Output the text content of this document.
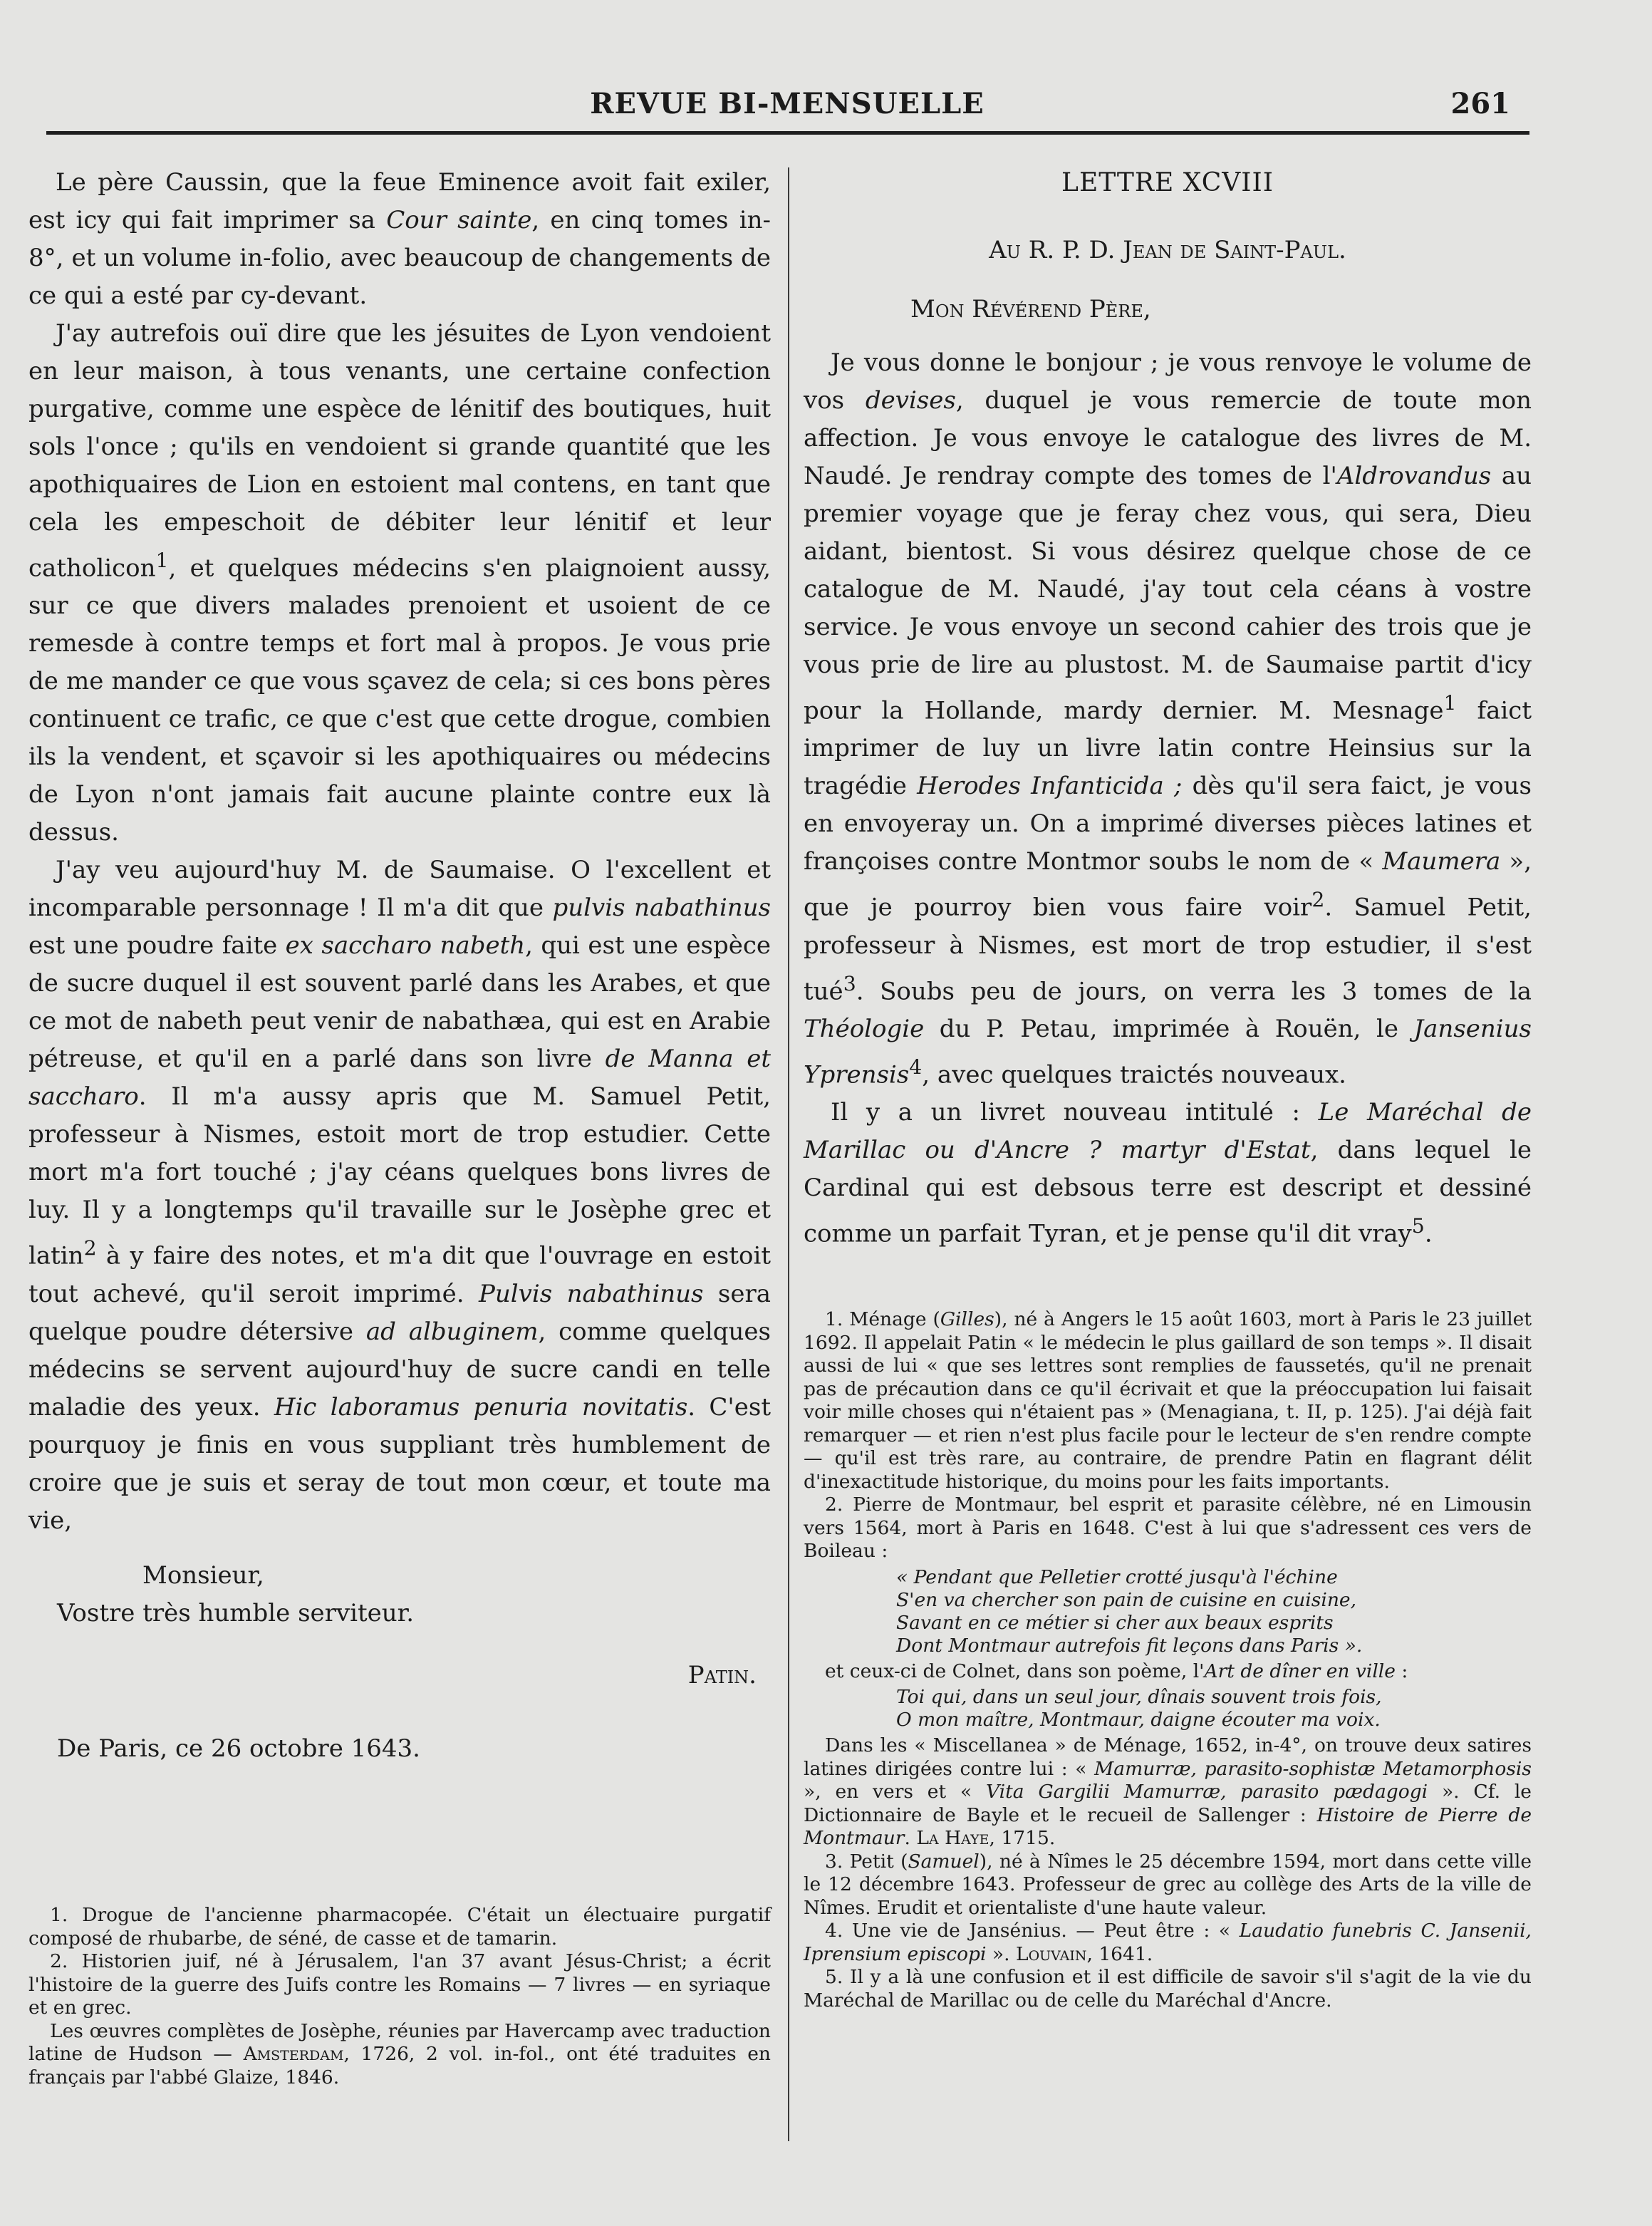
REVUE BI-MENSUELLE	261

Le père Caussin, que la feue Eminence avoit fait exiler, est icy qui fait imprimer sa Cour sainte, en cinq tomes in-8°, et un volume in-folio, avec beaucoup de changements de ce qui a esté par cy-devant.

J'ay autrefois ouï dire que les jésuites de Lyon vendoient en leur maison, à tous venants, une certaine confection purgative, comme une espèce de lénitif des boutiques, huit sols l'once ; qu'ils en vendoient si grande quantité que les apothiquaires de Lion en estoient mal contens, en tant que cela les empeschoit de débiter leur lénitif et leur catholicon$^1$, et quelques médecins s'en plaignoient aussy, sur ce que divers malades prenoient et usoient de ce remesde à contre temps et fort mal à propos. Je vous prie de me mander ce que vous sçavez de cela; si ces bons pères continuent ce trafic, ce que c'est que cette drogue, combien ils la vendent, et sçavoir si les apothiquaires ou médecins de Lyon n'ont jamais fait aucune plainte contre eux là dessus.

J'ay veu aujourd'huy M. de Saumaise. O l'excellent et incomparable personnage ! Il m'a dit que pulvis nabathinus est une poudre faite ex saccharo nabeth, qui est une espèce de sucre duquel il est souvent parlé dans les Arabes, et que ce mot de nabeth peut venir de nabathæa, qui est en Arabie pétreuse, et qu'il en a parlé dans son livre de Manna et saccharo. Il m'a aussy apris que M. Samuel Petit, professeur à Nismes, estoit mort de trop estudier. Cette mort m'a fort touché ; j'ay céans quelques bons livres de luy. Il y a longtemps qu'il travaille sur le Josèphe grec et latin$^2$ à y faire des notes, et m'a dit que l'ouvrage en estoit tout achevé, qu'il seroit imprimé. Pulvis nabathinus sera quelque poudre détersive ad albuginem, comme quelques médecins se servent aujourd'huy de sucre candi en telle maladie des yeux. Hic laboramus penuria novitatis. C'est pourquoy je finis en vous suppliant très humblement de croire que je suis et seray de tout mon cœur, et toute ma vie,

Monsieur,

Vostre très humble serviteur.

Patin.

De Paris, ce 26 octobre 1643.

1. Drogue de l'ancienne pharmacopée. C'était un électuaire purgatif composé de rhubarbe, de séné, de casse et de tamarin.

2. Historien juif, né à Jérusalem, l'an 37 avant Jésus-Christ; a écrit l'histoire de la guerre des Juifs contre les Romains — 7 livres — en syriaque et en grec.

Les œuvres complètes de Josèphe, réunies par Havercamp avec traduction latine de Hudson — Amsterdam, 1726, 2 vol. in-fol., ont été traduites en français par l'abbé Glaize, 1846.

LETTRE XCVIII
Au R. P. D. Jean de Saint-Paul.

Mon Révérend Père,

Je vous donne le bonjour ; je vous renvoye le volume de vos devises, duquel je vous remercie de toute mon affection. Je vous envoye le catalogue des livres de M. Naudé. Je rendray compte des tomes de l'Aldrovandus au premier voyage que je feray chez vous, qui sera, Dieu aidant, bientost. Si vous désirez quelque chose de ce catalogue de M. Naudé, j'ay tout cela céans à vostre service. Je vous envoye un second cahier des trois que je vous prie de lire au plustost. M. de Saumaise partit d'icy pour la Hollande, mardy dernier. M. Mesnage$^1$ faict imprimer de luy un livre latin contre Heinsius sur la tragédie Herodes Infanticida ; dès qu'il sera faict, je vous en envoyeray un. On a imprimé diverses pièces latines et françoises contre Montmor soubs le nom de « Maumera », que je pourroy bien vous faire voir$^2$. Samuel Petit, professeur à Nismes, est mort de trop estudier, il s'est tué$^3$. Soubs peu de jours, on verra les 3 tomes de la Théologie du P. Petau, imprimée à Rouën, le Jansenius Yprensis$^4$, avec quelques traictés nouveaux.

Il y a un livret nouveau intitulé : Le Maréchal de Marillac ou d'Ancre ? martyr d'Estat, dans lequel le Cardinal qui est debsous terre est descript et dessiné comme un parfait Tyran, et je pense qu'il dit vray$^5$.

1. Ménage (Gilles), né à Angers le 15 août 1603, mort à Paris le 23 juillet 1692. Il appelait Patin « le médecin le plus gaillard de son temps ». Il disait aussi de lui « que ses lettres sont remplies de faussetés, qu'il ne prenait pas de précaution dans ce qu'il écrivait et que la préoccupation lui faisait voir mille choses qui n'étaient pas » (Menagiana, t. II, p. 125). J'ai déjà fait remarquer — et rien n'est plus facile pour le lecteur de s'en rendre compte — qu'il est très rare, au contraire, de prendre Patin en flagrant délit d'inexactitude historique, du moins pour les faits importants.

2. Pierre de Montmaur, bel esprit et parasite célèbre, né en Limousin vers 1564, mort à Paris en 1648. C'est à lui que s'adressent ces vers de Boileau :

« Pendant que Pelletier crotté jusqu'à l'échine
S'en va chercher son pain de cuisine en cuisine,
Savant en ce métier si cher aux beaux esprits
Dont Montmaur autrefois fit leçons dans Paris ».

et ceux-ci de Colnet, dans son poème, l'Art de dîner en ville :

Toi qui, dans un seul jour, dînais souvent trois fois,
O mon maître, Montmaur, daigne écouter ma voix.

Dans les « Miscellanea » de Ménage, 1652, in-4°, on trouve deux satires latines dirigées contre lui : « Mamurræ, parasito-sophistæ Metamorphosis », en vers et « Vita Gargilii Mamurræ, parasito pædagogi ». Cf. le Dictionnaire de Bayle et le recueil de Sallenger : Histoire de Pierre de Montmaur. La Haye, 1715.

3. Petit (Samuel), né à Nîmes le 25 décembre 1594, mort dans cette ville le 12 décembre 1643. Professeur de grec au collège des Arts de la ville de Nîmes. Erudit et orientaliste d'une haute valeur.

4. Une vie de Jansénius. — Peut être : « Laudatio funebris C. Jansenii, Iprensium episcopi ». Louvain, 1641.

5. Il y a là une confusion et il est difficile de savoir s'il s'agit de la vie du Maréchal de Marillac ou de celle du Maréchal d'Ancre.
